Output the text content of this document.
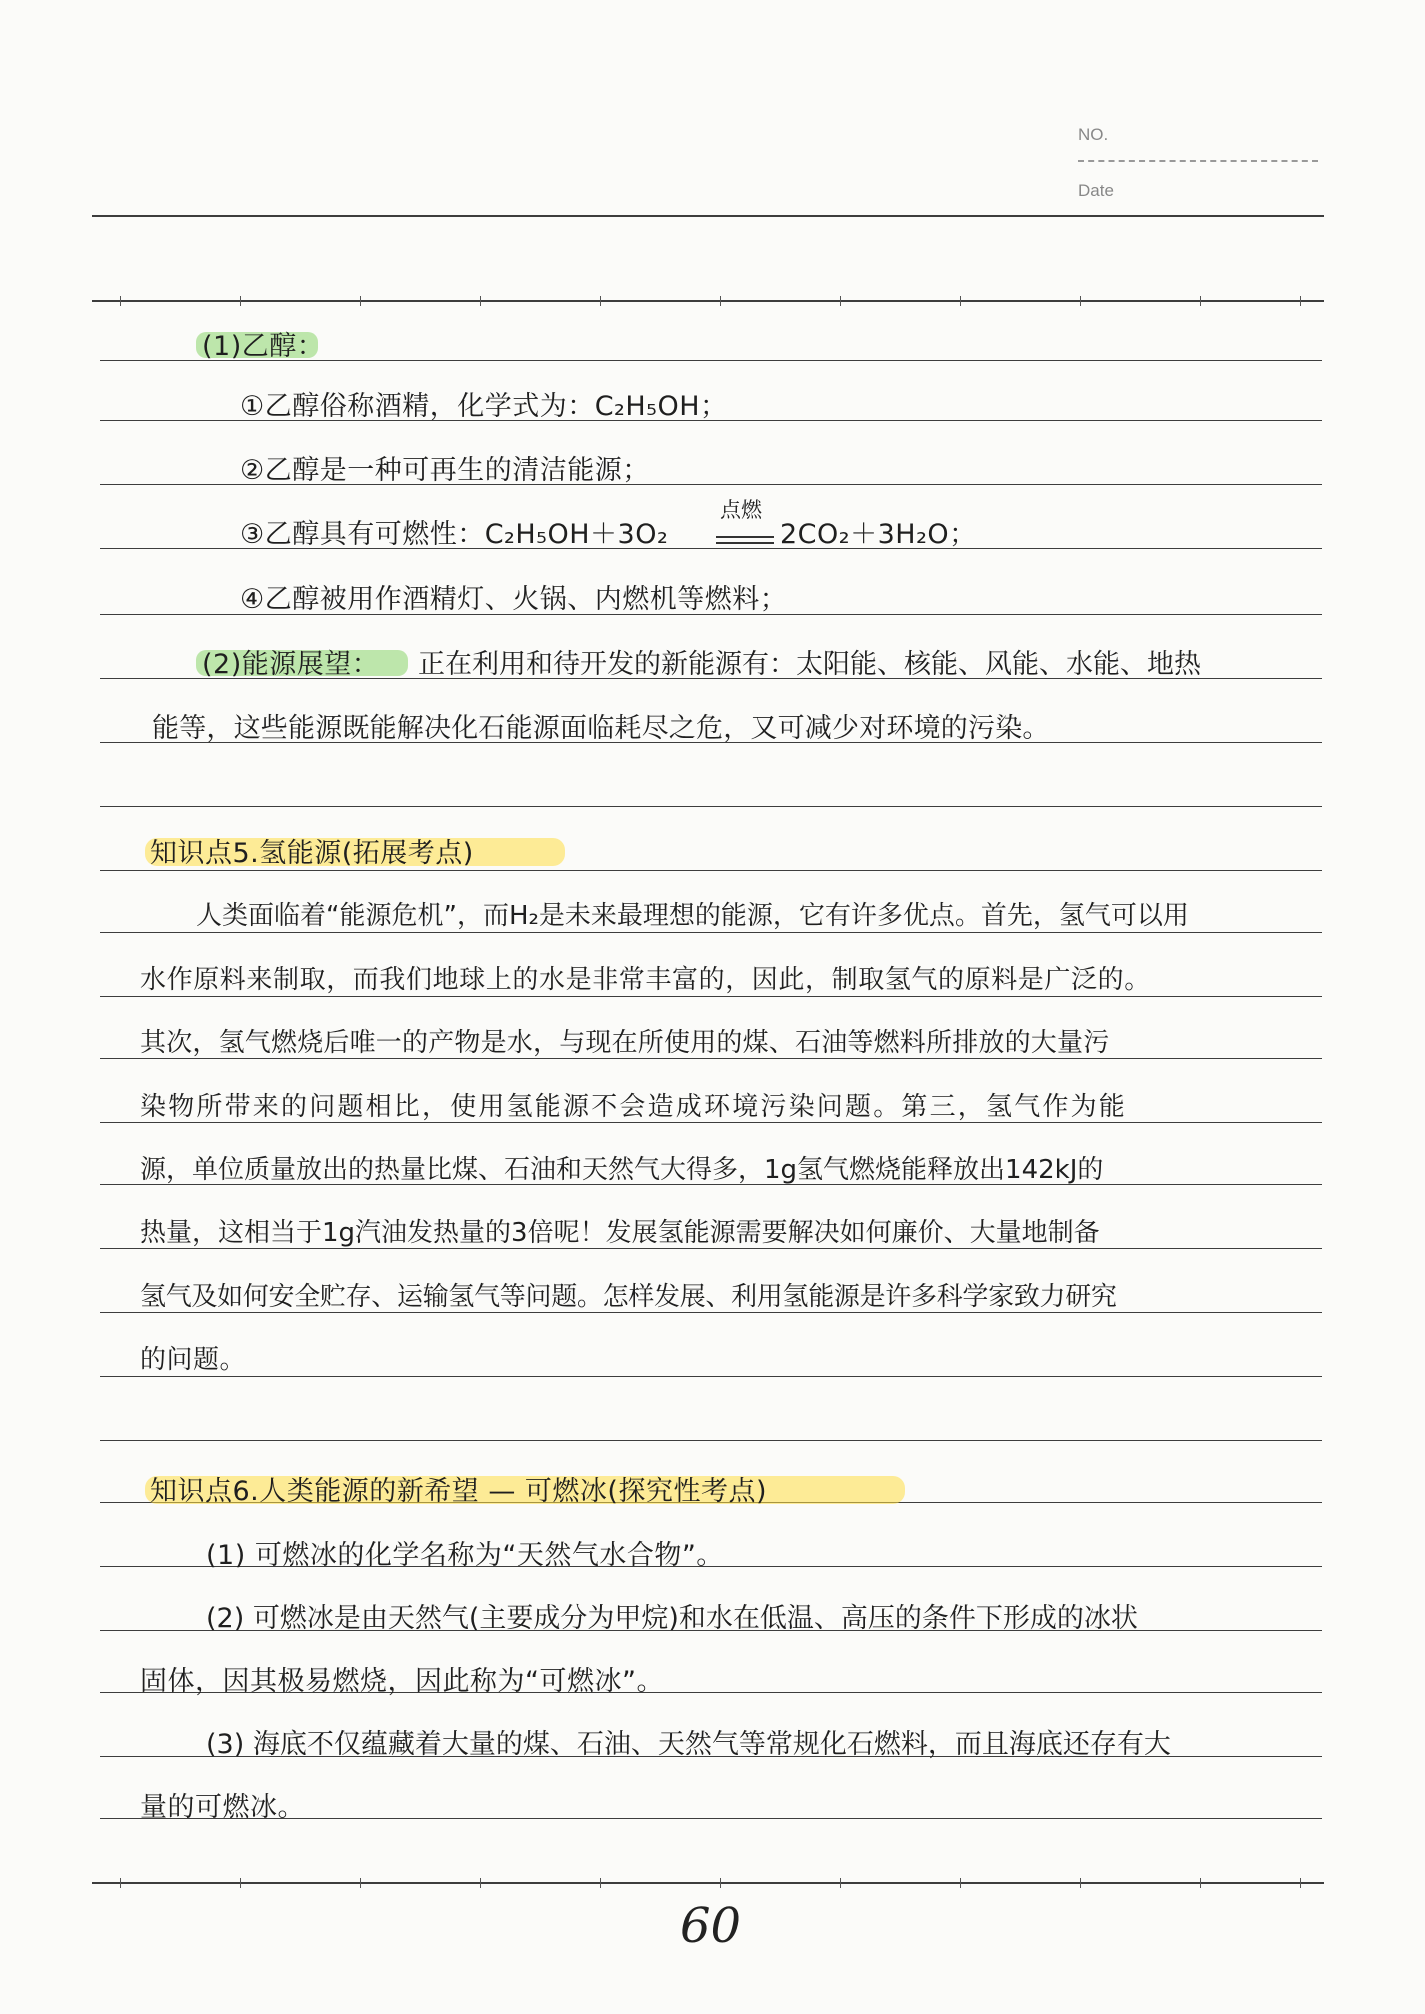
NO.
Date
(1)乙醇：
①乙醇俗称酒精，化学式为：C₂H₅OH；
②乙醇是一种可再生的清洁能源；
③乙醇具有可燃性：C₂H₅OH＋3O₂
点燃
2CO₂＋3H₂O；
④乙醇被用作酒精灯、火锅、内燃机等燃料；
(2)能源展望： 正在利用和待开发的新能源有：太阳能、核能、风能、水能、地热
能等，这些能源既能解决化石能源面临耗尽之危，又可减少对环境的污染。
知识点5.氢能源(拓展考点)
人类面临着“能源危机”，而H₂是未来最理想的能源，它有许多优点。首先，氢气可以用
水作原料来制取，而我们地球上的水是非常丰富的，因此，制取氢气的原料是广泛的。
其次，氢气燃烧后唯一的产物是水，与现在所使用的煤、石油等燃料所排放的大量污
染物所带来的问题相比，使用氢能源不会造成环境污染问题。第三，氢气作为能
源，单位质量放出的热量比煤、石油和天然气大得多，1g氢气燃烧能释放出142kJ的
热量，这相当于1g汽油发热量的3倍呢！发展氢能源需要解决如何廉价、大量地制备
氢气及如何安全贮存、运输氢气等问题。怎样发展、利用氢能源是许多科学家致力研究
的问题。
知识点6.人类能源的新希望 — 可燃冰(探究性考点)
(1) 可燃冰的化学名称为“天然气水合物”。
(2) 可燃冰是由天然气(主要成分为甲烷)和水在低温、高压的条件下形成的冰状
固体，因其极易燃烧，因此称为“可燃冰”。
(3) 海底不仅蕴藏着大量的煤、石油、天然气等常规化石燃料，而且海底还存有大
量的可燃冰。
60
